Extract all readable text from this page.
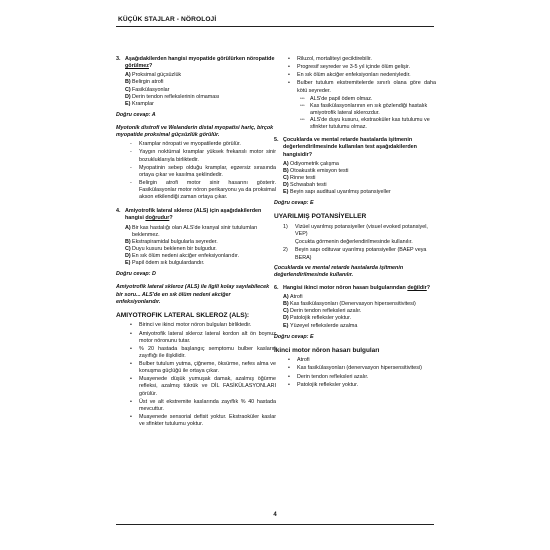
KÜÇÜK STAJLAR - NÖROLOJİ
3. Aşağıdakilerden hangisi myopatide görülürken nöropatide görülmez?
A) Proksimal güçsüzlük
B) Belirgin atrofi
C) Fasikülasyonlar
D) Derin tendon reflekslerinin olmaması
E) Kramplar
Doğru cevap: A
Myotonik distrofi ve Welanderin distal myopatisi hariç, birçok myopatide proksimal güçsüzlük görülür.
-	Kramplar nöropati ve myopatilerde görülür.
-	Yaygın noktürnal kramplar yüksek frekanslı motor sinir bozukluklarıyla birliktedir.
-	Myopatinin sebep olduğu kramplar, egzersiz sırasında ortaya çıkar ve kasılma şeklindedir.
-	Belirgin atrofi motor sinir hasarını gösterir. Fasikülasyonlar motor nöron perikaryonu ya da proksimal akson etkilendiği zaman ortaya çıkar.
4. Amiyotrofik lateral skleroz (ALS) için aşağıdakilerden hangisi doğrudur?
A) Bir kas hastalığı olan ALS'de kranyal sinir tutulumları beklenmez.
B) Ekstrapiramidal bulgularla seyreder.
C) Duyu kusuru beklenen bir bulgudur.
D) En sık ölüm nedeni akciğer enfeksiyonlarıdır.
E) Papil ödem sık bulgulardandır.
Doğru cevap: D
Amiyotrofik lateral skleroz (ALS) ile ilgili kolay sayılabilecek bir soru... ALS'de en sık ölüm nedeni akciğer enfeksiyonlarıdır.
AMIYOTROFIK LATERAL SKLEROZ (ALS):
•	Birinci ve ikinci motor nöron bulguları birliktedir.
•	Amiyotrofik lateral skleroz lateral kordon alt ön boynuz motor nöronunu tutar.
•	% 20 hastada başlangıç semptomu bulber kasların zayıflığı ile ilişkilidir.
•	Bulber tutulum yutma, çiğneme, öksürme, nefes alma ve konuşma güçlüğü ile ortaya çıkar.
•	Muayenede düşük yumuşak damak, azalmış öğürme refleksi, azalmış tükrük ve DİL FASİKÜLASYONLARI görülür.
•	Üst ve alt ekstremite kaslarında zayıflık % 40 hastada mevcuttur.
•	Muayenede sensorial defisit yoktur. Ekstraoküler kaslar ve sfinkter tutulumu yoktur.
•	Riluzol, mortaliteyi geciktirebilir.
•	Progresif seyreder ve 3-5 yıl içinde ölüm gelişir.
•	En sık ölüm akciğer enfeksiyonları nedeniyledir.
•	Bulber tutulum ekstremitelerde sınırlı olana göre daha kötü seyreder.
*** ALS'de papil ödem olmaz.
*** Kas fasikülasyonlarının en sık gözlendiği hastalık amiyotrofik lateral sklerozdur.
*** ALS'de duyu kusuru, ekstraoküler kas tutulumu ve sfinkter tutulumu olmaz.
5. Çocuklarda ve mental retarde hastalarda işitmenin değerlendirilmesinde kullanılan test aşağıdakilerden hangisidir?
A) Odiyometrik çalışma
B) Otoakustik emisyon testi
C) Rinne testi
D) Schwabah testi
E) Beyin sapı auditual uyarılmış potansiyeller
Doğru cevap: E
UYARILMIŞ POTANSİYELLER
1)	Vizüel uyarılmış potansiyeller (visuel evoked potansiyel, VEP)
Çocukta görmenin değerlendirilmesinde kullanılır.
2)	Beyin sapı odituvar uyarılmış potansiyeller (BAEP veya BERA)
Çocuklarda ve mental retarde hastalarda işitmenin değerlendirilmesinde kullanılır.
6. Hangisi ikinci motor nöron hasarı bulgularından değildir?
A) Atrofi
B) Kas fasikülasyonları (Denervasyon hipersensitivitesi)
C) Derin tendon refleksleri azalır.
D) Patolojik refleksler yoktur.
E) Yüzeyel reflekslerde azalma
Doğru cevap: E
İkinci motor nöron hasarı bulguları
•	Atrofi
•	Kas fasikülasyonları (denervasyon hipersensitivitesi)
•	Derin tendon refleksleri azalır.
•	Patolojik refleksler yoktur.
4
